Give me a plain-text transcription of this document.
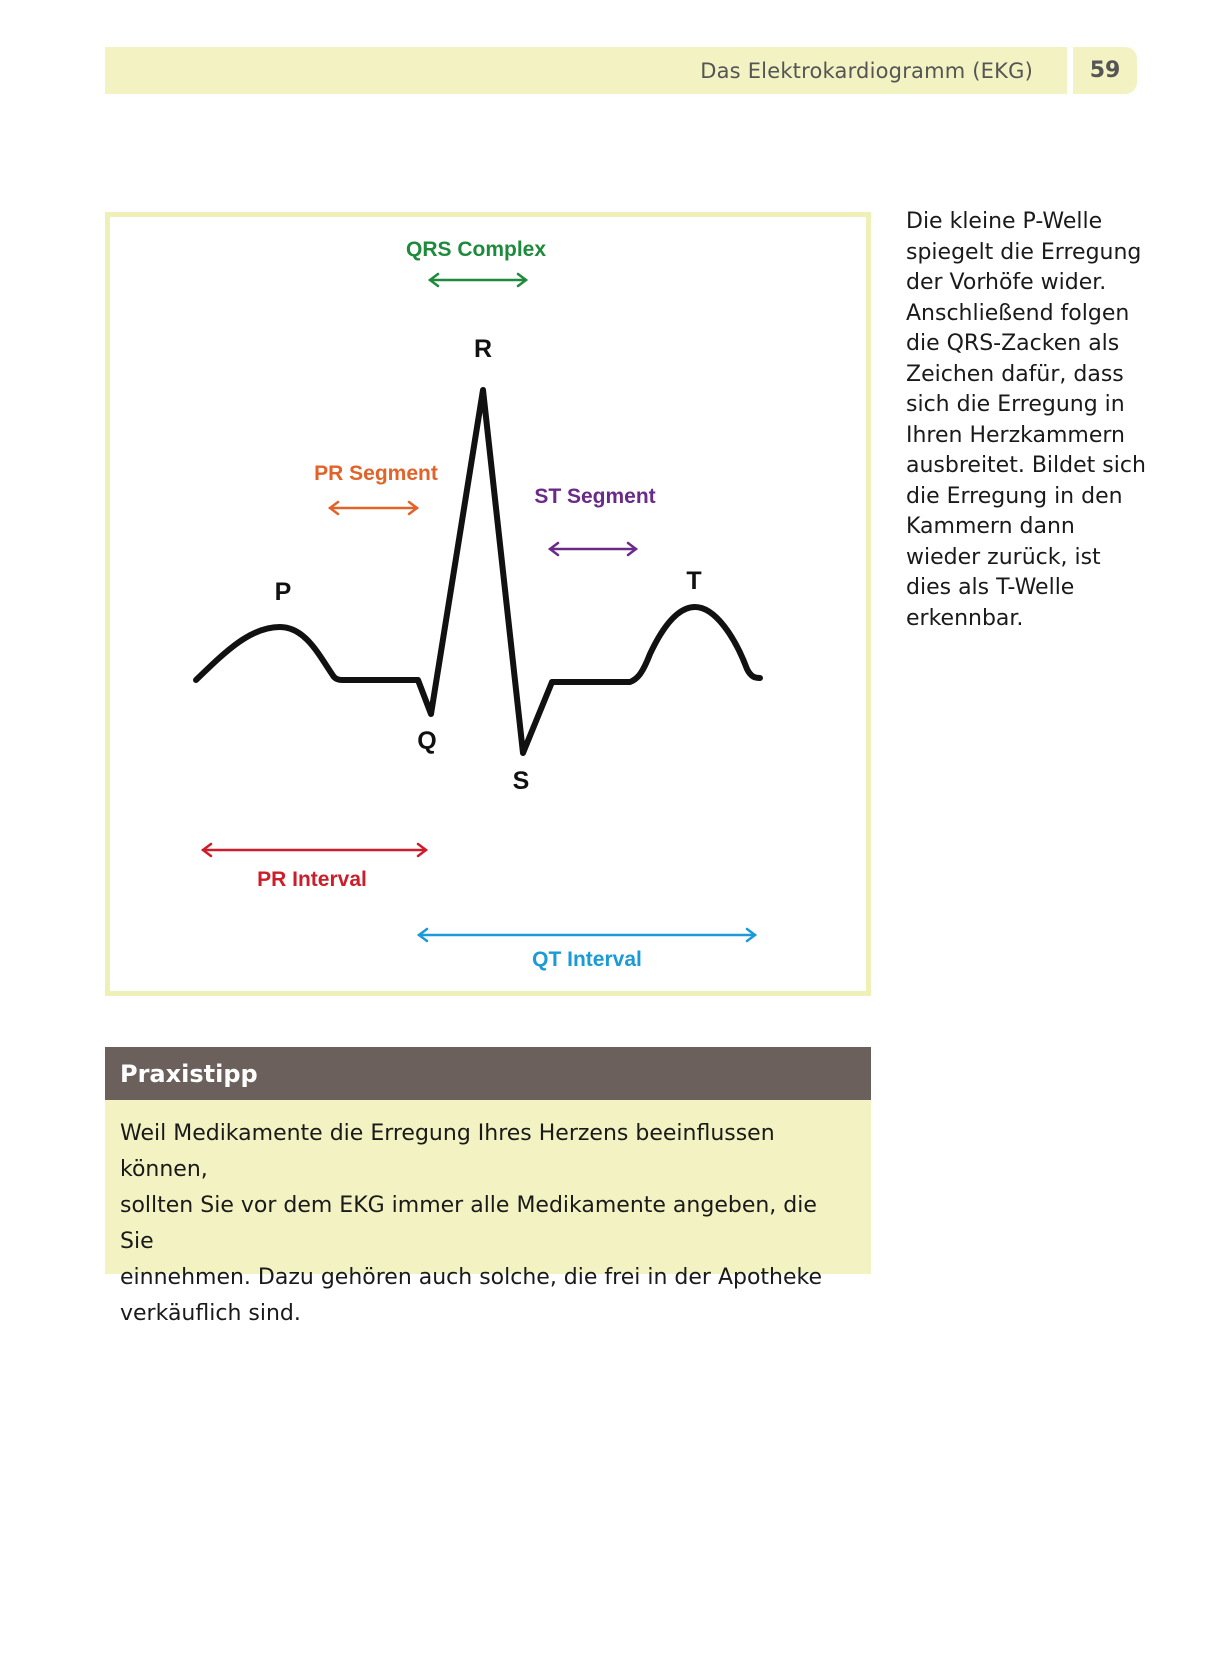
Das Elektrokardiogramm (EKG)	59
P
R
Q
S
T
QRS Complex
PR Segment
ST Segment
PR Interval
QT Interval
Die kleine P-Welle
spiegelt die Erregung
der Vorhöfe wider.
Anschließend folgen
die QRS-Zacken als
Zeichen dafür, dass
sich die Erregung in
Ihren Herzkammern
ausbreitet. Bildet sich
die Erregung in den
Kammern dann
wieder zurück, ist
dies als T-Welle
erkennbar.
Praxistipp
Weil Medikamente die Erregung Ihres Herzens beeinflussen können,
sollten Sie vor dem EKG immer alle Medikamente angeben, die Sie
einnehmen. Dazu gehören auch solche, die frei in der Apotheke
verkäuflich sind.
